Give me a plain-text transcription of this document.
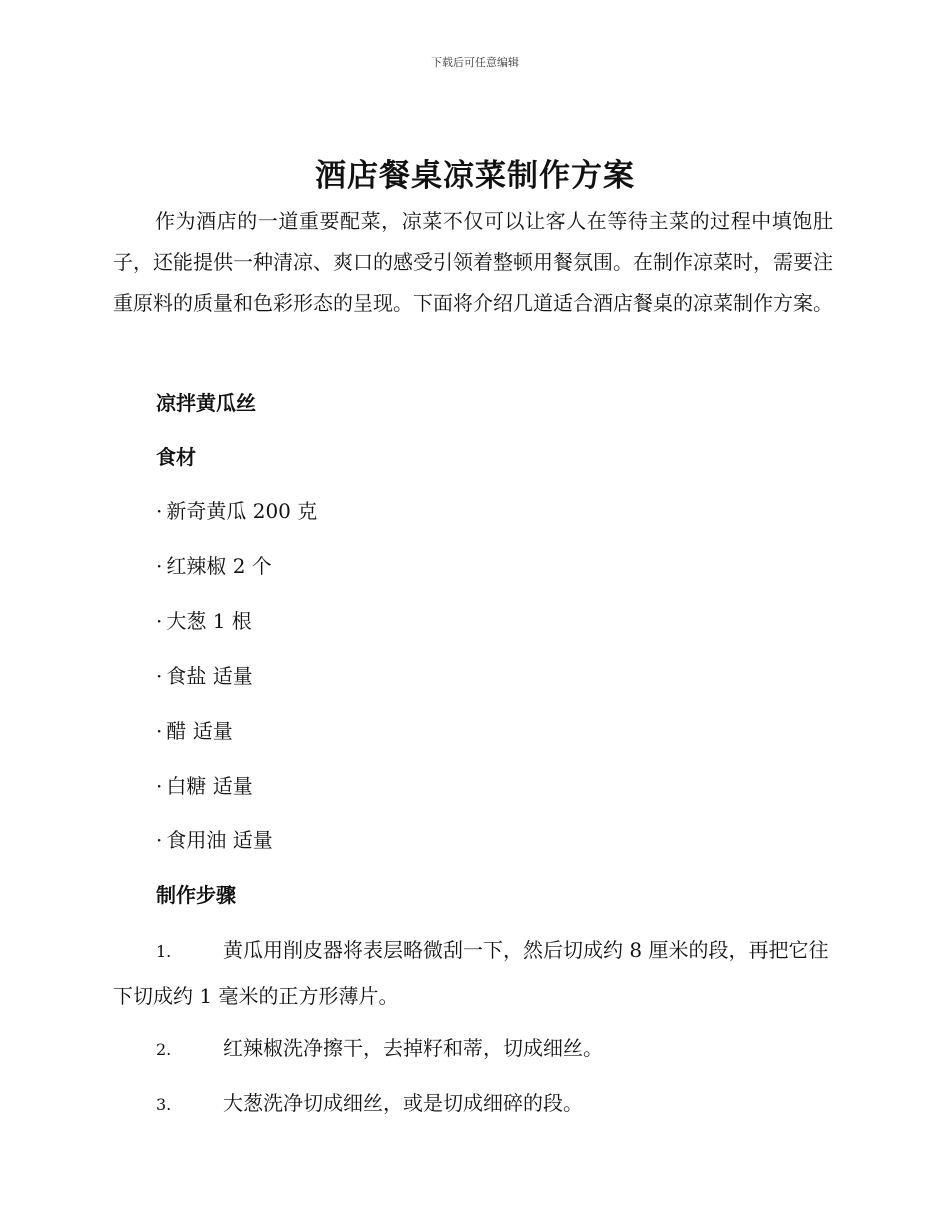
下载后可任意编辑
酒店餐桌凉菜制作方案

作为酒店的一道重要配菜，凉菜不仅可以让客人在等待主菜的过程中填饱肚子，还能提供一种清凉、爽口的感受引领着整顿用餐氛围。在制作凉菜时，需要注重原料的质量和色彩形态的呈现。下面将介绍几道适合酒店餐桌的凉菜制作方案。

凉拌黄瓜丝

食材

· 新奇黄瓜 200 克

· 红辣椒 2 个

· 大葱 1 根

· 食盐 适量

· 醋 适量

· 白糖 适量

· 食用油 适量

制作步骤

1.	黄瓜用削皮器将表层略微刮一下，然后切成约 8 厘米的段，再把它往下切成约 1 毫米的正方形薄片。

2.	红辣椒洗净擦干，去掉籽和蒂，切成细丝。

3.	大葱洗净切成细丝，或是切成细碎的段。
